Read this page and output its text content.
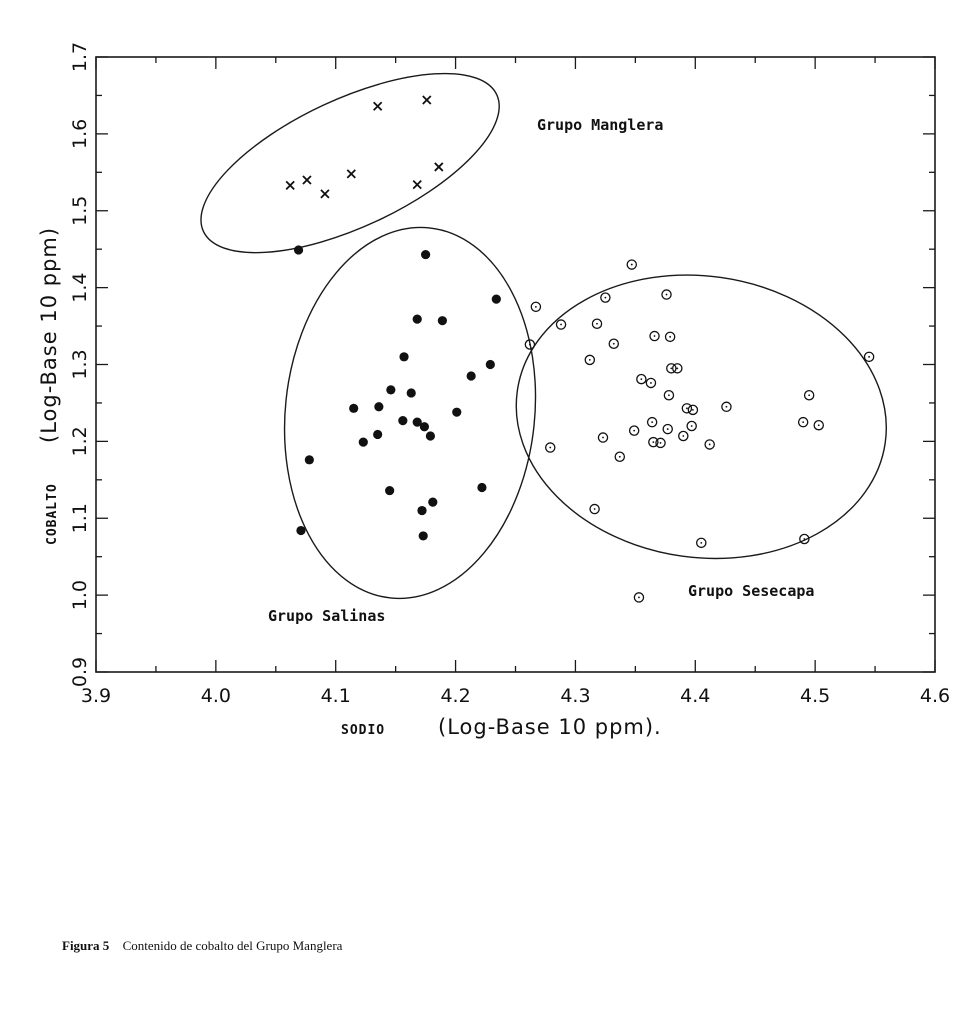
3.9	4.0	4.1	4.2	4.3	4.4	4.5	4.6
0.9
1.0
1.1
1.2
1.3
1.4
1.5
1.6
1.7
Grupo Manglera
Grupo Salinas
Grupo Sesecapa
SODIO	(Log-Base 10 ppm).
COBALTO
(Log-Base 10 ppm)
Figura 5 Contenido de cobalto del Grupo Manglera
